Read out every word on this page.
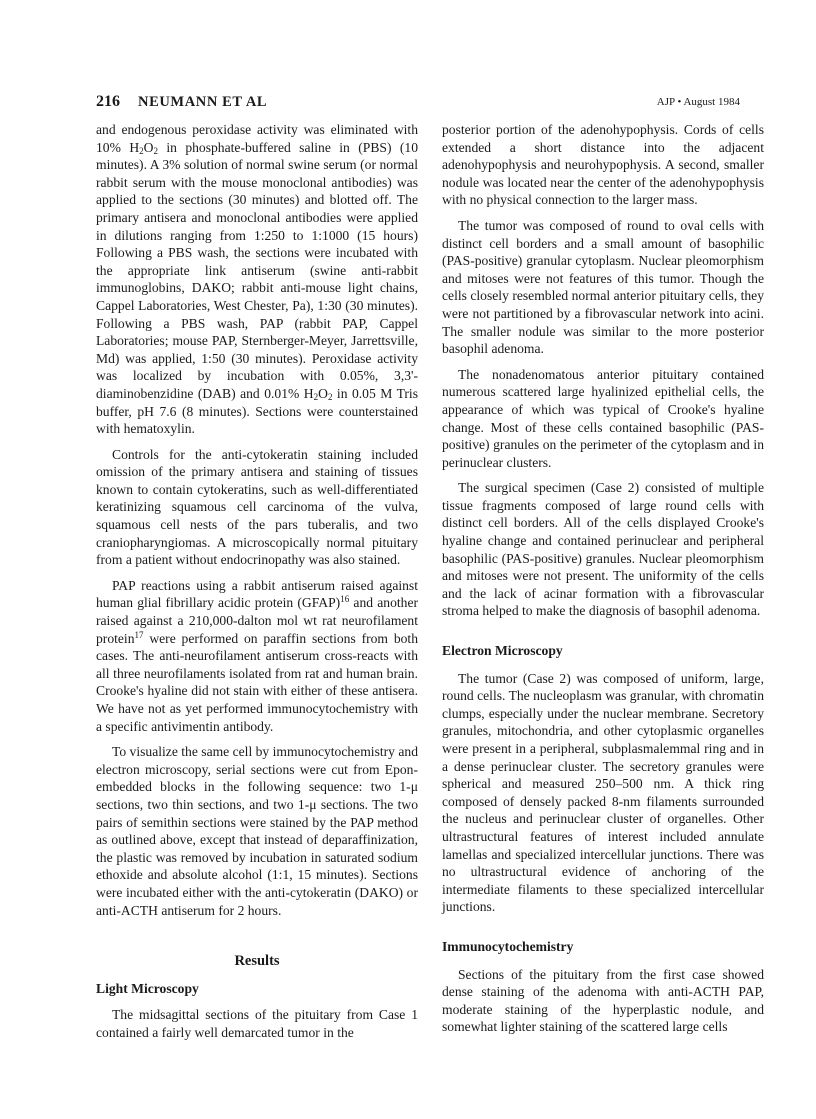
216 NEUMANN ET AL	AJP • August 1984

and endogenous peroxidase activity was eliminated with 10% $H_2O_2$ in phosphate-buffered saline in (PBS) (10 minutes). A 3% solution of normal swine serum (or normal rabbit serum with the mouse monoclonal antibodies) was applied to the sections (30 minutes) and blotted off. The primary antisera and monoclonal antibodies were applied in dilutions ranging from 1:250 to 1:1000 (15 hours) Following a PBS wash, the sections were incubated with the appropriate link antiserum (swine anti-rabbit immunoglobins, DAKO; rabbit anti-mouse light chains, Cappel Laboratories, West Chester, Pa), 1:30 (30 minutes). Following a PBS wash, PAP (rabbit PAP, Cappel Laboratories; mouse PAP, Sternberger-Meyer, Jarrettsville, Md) was applied, 1:50 (30 minutes). Peroxidase activity was localized by incubation with 0.05%, 3,3'-diaminobenzidine (DAB) and 0.01% $H_2O_2$ in 0.05 M Tris buffer, pH 7.6 (8 minutes). Sections were counterstained with hematoxylin.

Controls for the anti-cytokeratin staining included omission of the primary antisera and staining of tissues known to contain cytokeratins, such as well-differentiated keratinizing squamous cell carcinoma of the vulva, squamous cell nests of the pars tuberalis, and two craniopharyngiomas. A microscopically normal pituitary from a patient without endocrinopathy was also stained.

PAP reactions using a rabbit antiserum raised against human glial fibrillary acidic protein (GFAP)$^{16}$ and another raised against a 210,000-dalton mol wt rat neurofilament protein$^{17}$ were performed on paraffin sections from both cases. The anti-neurofilament antiserum cross-reacts with all three neurofilaments isolated from rat and human brain. Crooke's hyaline did not stain with either of these antisera. We have not as yet performed immunocytochemistry with a specific antivimentin antibody.

To visualize the same cell by immunocytochemistry and electron microscopy, serial sections were cut from Epon-embedded blocks in the following sequence: two 1-μ sections, two thin sections, and two 1-μ sections. The two pairs of semithin sections were stained by the PAP method as outlined above, except that instead of deparaffinization, the plastic was removed by incubation in saturated sodium ethoxide and absolute alcohol (1:1, 15 minutes). Sections were incubated either with the anti-cytokeratin (DAKO) or anti-ACTH antiserum for 2 hours.

Results
Light Microscopy

The midsagittal sections of the pituitary from Case 1 contained a fairly well demarcated tumor in the

posterior portion of the adenohypophysis. Cords of cells extended a short distance into the adjacent adenohypophysis and neurohypophysis. A second, smaller nodule was located near the center of the adenohypophysis with no physical connection to the larger mass.

The tumor was composed of round to oval cells with distinct cell borders and a small amount of basophilic (PAS-positive) granular cytoplasm. Nuclear pleomorphism and mitoses were not features of this tumor. Though the cells closely resembled normal anterior pituitary cells, they were not partitioned by a fibrovascular network into acini. The smaller nodule was similar to the more posterior basophil adenoma.

The nonadenomatous anterior pituitary contained numerous scattered large hyalinized epithelial cells, the appearance of which was typical of Crooke's hyaline change. Most of these cells contained basophilic (PAS-positive) granules on the perimeter of the cytoplasm and in perinuclear clusters.

The surgical specimen (Case 2) consisted of multiple tissue fragments composed of large round cells with distinct cell borders. All of the cells displayed Crooke's hyaline change and contained perinuclear and peripheral basophilic (PAS-positive) granules. Nuclear pleomorphism and mitoses were not present. The uniformity of the cells and the lack of acinar formation with a fibrovascular stroma helped to make the diagnosis of basophil adenoma.

Electron Microscopy

The tumor (Case 2) was composed of uniform, large, round cells. The nucleoplasm was granular, with chromatin clumps, especially under the nuclear membrane. Secretory granules, mitochondria, and other cytoplasmic organelles were present in a peripheral, subplasmalemmal ring and in a dense perinuclear cluster. The secretory granules were spherical and measured 250–500 nm. A thick ring composed of densely packed 8-nm filaments surrounded the nucleus and perinuclear cluster of organelles. Other ultrastructural features of interest included annulate lamellas and specialized intercellular junctions. There was no ultrastructural evidence of anchoring of the intermediate filaments to these specialized intercellular junctions.

Immunocytochemistry

Sections of the pituitary from the first case showed dense staining of the adenoma with anti-ACTH PAP, moderate staining of the hyperplastic nodule, and somewhat lighter staining of the scattered large cells
